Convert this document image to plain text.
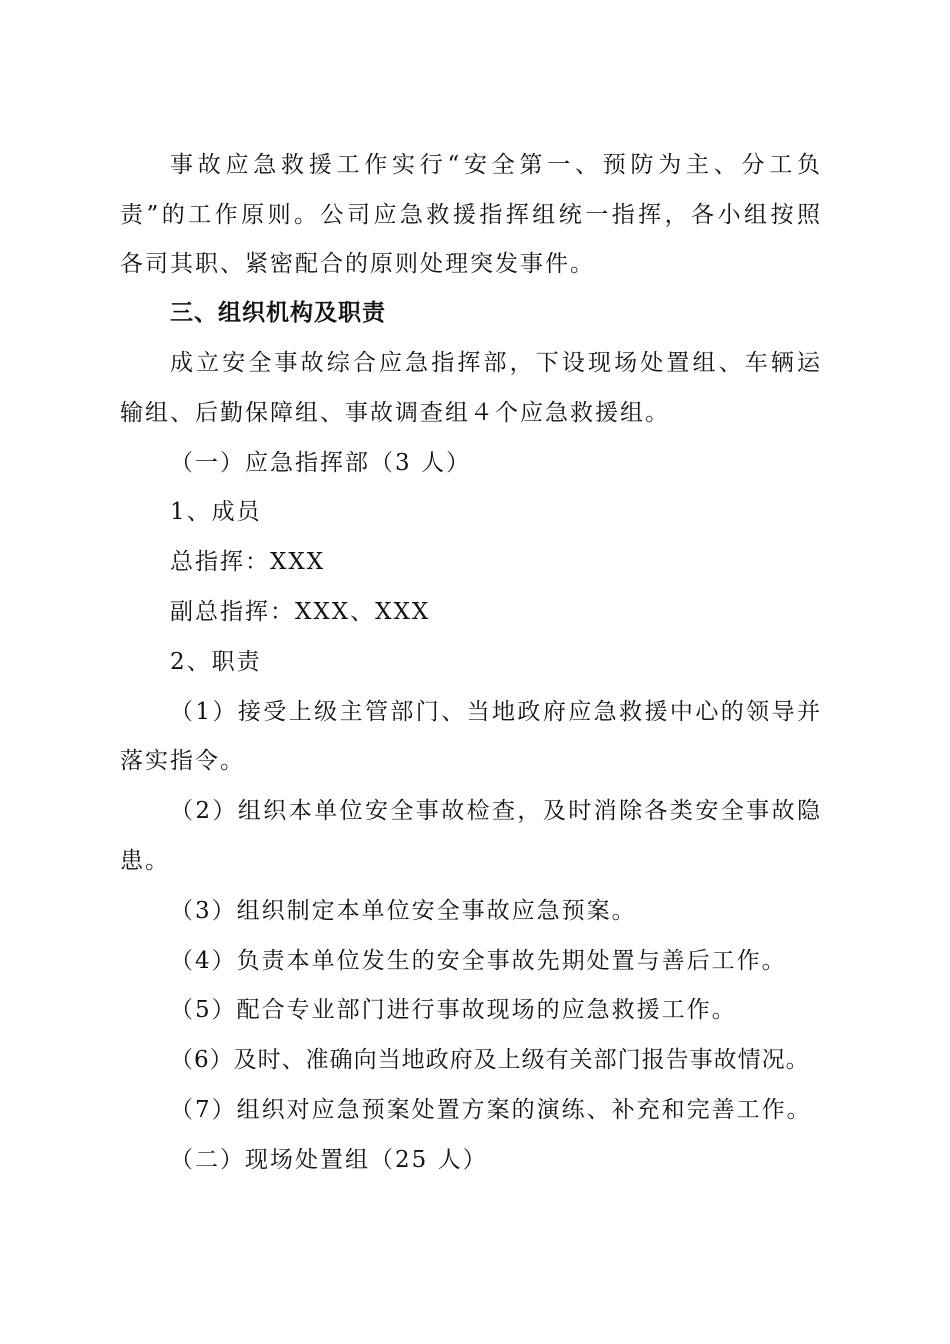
事故应急救援工作实行“安全第一、预防为主、分工负
责”的工作原则。公司应急救援指挥组统一指挥，各小组按照
各司其职、紧密配合的原则处理突发事件。
三、组织机构及职责
成立安全事故综合应急指挥部，下设现场处置组、车辆运
输组、后勤保障组、事故调查组４个应急救援组。
（一）应急指挥部（3 人）
1、成员
总指挥：XXX
副总指挥：XXX、XXX
2、职责
（1）接受上级主管部门、当地政府应急救援中心的领导并
落实指令。
（2）组织本单位安全事故检查，及时消除各类安全事故隐
患。
（3）组织制定本单位安全事故应急预案。
（4）负责本单位发生的安全事故先期处置与善后工作。
（5）配合专业部门进行事故现场的应急救援工作。
（6）及时、准确向当地政府及上级有关部门报告事故情况。
（7）组织对应急预案处置方案的演练、补充和完善工作。
（二）现场处置组（25 人）
